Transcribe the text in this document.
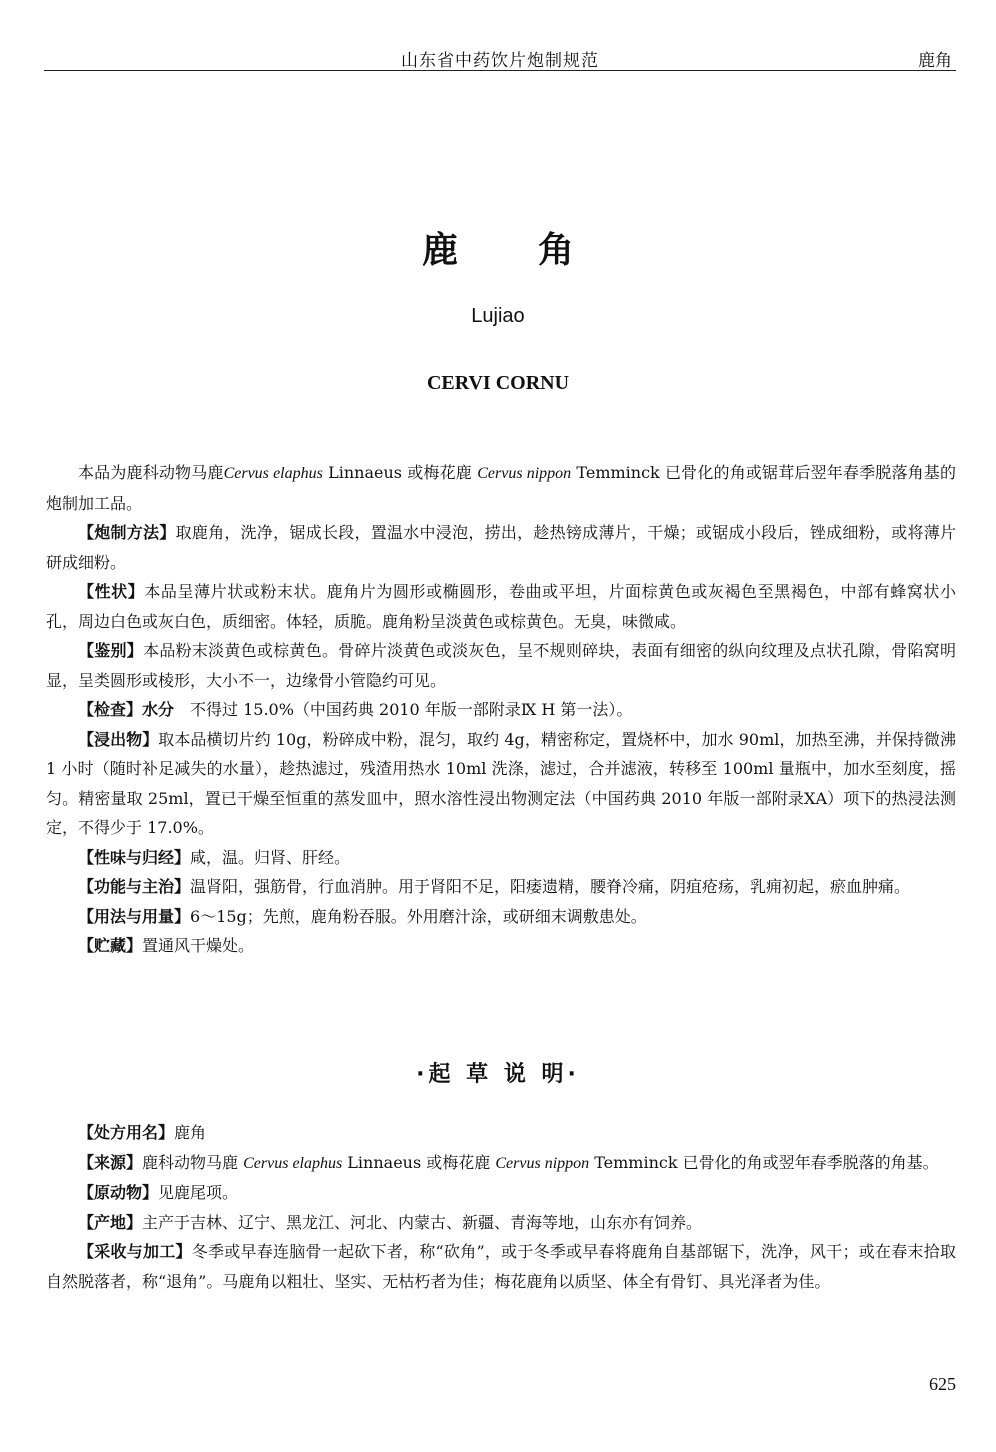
山东省中药饮片炮制规范	鹿角
鹿角
Lujiao
CERVI CORNU

本品为鹿科动物马鹿Cervus elaphus Linnaeus 或梅花鹿 Cervus nippon Temminck 已骨化的角或锯茸后翌年春季脱落角基的炮制加工品。

【炮制方法】取鹿角，洗净，锯成长段，置温水中浸泡，捞出，趁热镑成薄片，干燥；或锯成小段后，锉成细粉，或将薄片研成细粉。

【性状】本品呈薄片状或粉末状。鹿角片为圆形或椭圆形，卷曲或平坦，片面棕黄色或灰褐色至黑褐色，中部有蜂窝状小孔，周边白色或灰白色，质细密。体轻，质脆。鹿角粉呈淡黄色或棕黄色。无臭，味微咸。

【鉴别】本品粉末淡黄色或棕黄色。骨碎片淡黄色或淡灰色，呈不规则碎块，表面有细密的纵向纹理及点状孔隙，骨陷窝明显，呈类圆形或棱形，大小不一，边缘骨小管隐约可见。

【检查】水分　不得过 15.0%（中国药典 2010 年版一部附录Ⅸ H 第一法）。

【浸出物】取本品横切片约 10g，粉碎成中粉，混匀，取约 4g，精密称定，置烧杯中，加水 90ml，加热至沸，并保持微沸 1 小时（随时补足减失的水量），趁热滤过，残渣用热水 10ml 洗涤，滤过，合并滤液，转移至 100ml 量瓶中，加水至刻度，摇匀。精密量取 25ml，置已干燥至恒重的蒸发皿中，照水溶性浸出物测定法（中国药典 2010 年版一部附录ⅩA）项下的热浸法测定，不得少于 17.0%。

【性味与归经】咸，温。归肾、肝经。

【功能与主治】温肾阳，强筋骨，行血消肿。用于肾阳不足，阳痿遗精，腰脊冷痛，阴疽疮疡，乳痈初起，瘀血肿痛。

【用法与用量】6～15g；先煎，鹿角粉吞服。外用磨汁涂，或研细末调敷患处。

【贮藏】置通风干燥处。

·起 草 说 明·

【处方用名】鹿角

【来源】鹿科动物马鹿 Cervus elaphus Linnaeus 或梅花鹿 Cervus nippon Temminck 已骨化的角或翌年春季脱落的角基。

【原动物】见鹿尾项。

【产地】主产于吉林、辽宁、黑龙江、河北、内蒙古、新疆、青海等地，山东亦有饲养。

【采收与加工】冬季或早春连脑骨一起砍下者，称“砍角”，或于冬季或早春将鹿角自基部锯下，洗净，风干；或在春末拾取自然脱落者，称“退角”。马鹿角以粗壮、坚实、无枯朽者为佳；梅花鹿角以质坚、体全有骨钉、具光泽者为佳。

625
